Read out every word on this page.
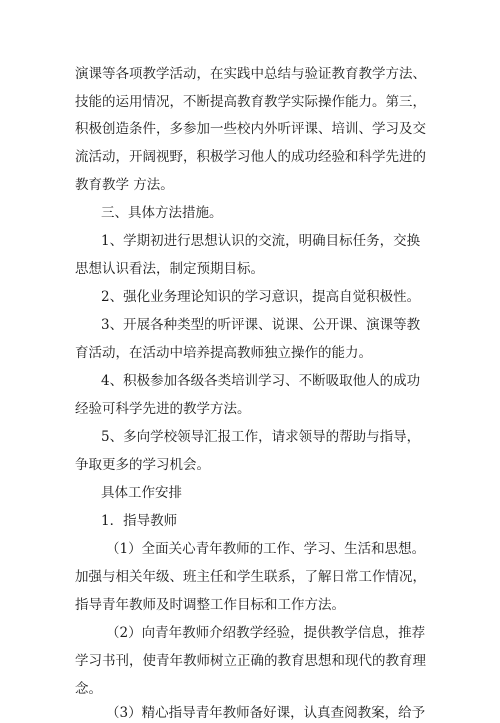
演课等各项教学活动，在实践中总结与验证教育教学方法、
技能的运用情况，不断提高教育教学实际操作能力。第三，
积极创造条件，多参加一些校内外听评课、培训、学习及交
流活动，开阔视野，积极学习他人的成功经验和科学先进的
教育教学 方法。
三、具体方法措施。
1、学期初进行思想认识的交流，明确目标任务，交换
思想认识看法，制定预期目标。
2、强化业务理论知识的学习意识，提高自觉积极性。
3、开展各种类型的听评课、说课、公开课、演课等教
育活动，在活动中培养提高教师独立操作的能力。
4、积极参加各级各类培训学习、不断吸取他人的成功
经验可科学先进的教学方法。
5、多向学校领导汇报工作，请求领导的帮助与指导，
争取更多的学习机会。
具体工作安排
1．指导教师
（1）全面关心青年教师的工作、学习、生活和思想。
加强与相关年级、班主任和学生联系，了解日常工作情况，
指导青年教师及时调整工作目标和工作方法。
（2）向青年教师介绍教学经验，提供教学信息，推荐
学习书刊，使青年教师树立正确的教育思想和现代的教育理
念。
（3）精心指导青年教师备好课，认真查阅教案，给予
